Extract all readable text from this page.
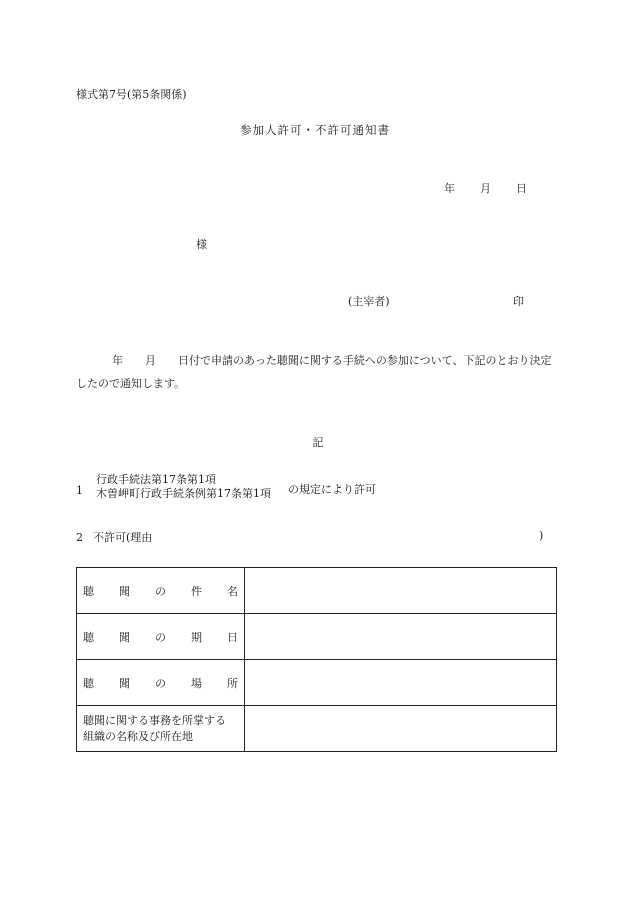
様式第7号(第5条関係)
参加人許可・不許可通知書
年 月 日
様
(主宰者)	印
年　　月　　日付で申請のあった聴聞に関する手続への参加について、下記のとおり決定したので通知します。
記
1
行政手続法第17条第1項
木曽岬町行政手続条例第17条第1項 の規定により許可
2 不許可(理由	)
聴 聞 の 件 名	

聴 聞 の 期 日	

聴 聞 の 場 所	

聴聞に関する事務を所掌する
組織の名称及び所在地	
